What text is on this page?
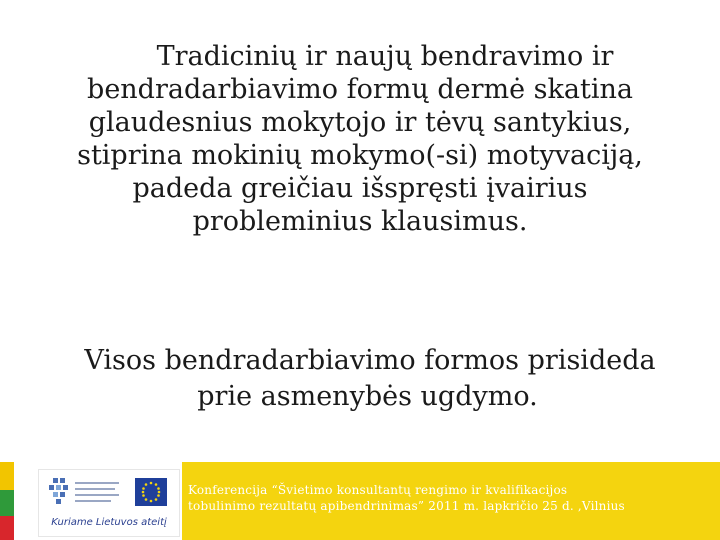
Tradicinių ir naujų bendravimo ir
bendradarbiavimo formų dermė skatina
glaudesnius mokytojo ir tėvų santykius,
stiprina mokinių mokymo(-si) motyvaciją,
padeda greičiau išspręsti įvairius
probleminius klausimus.
Visos bendradarbiavimo formos prisideda
prie asmenybės ugdymo.
Kuriame Lietuvos ateitį
Konferencija “Švietimo konsultantų rengimo ir kvalifikacijos
tobulinimo rezultatų apibendrinimas” 2011 m. lapkričio 25 d. ,Vilnius
